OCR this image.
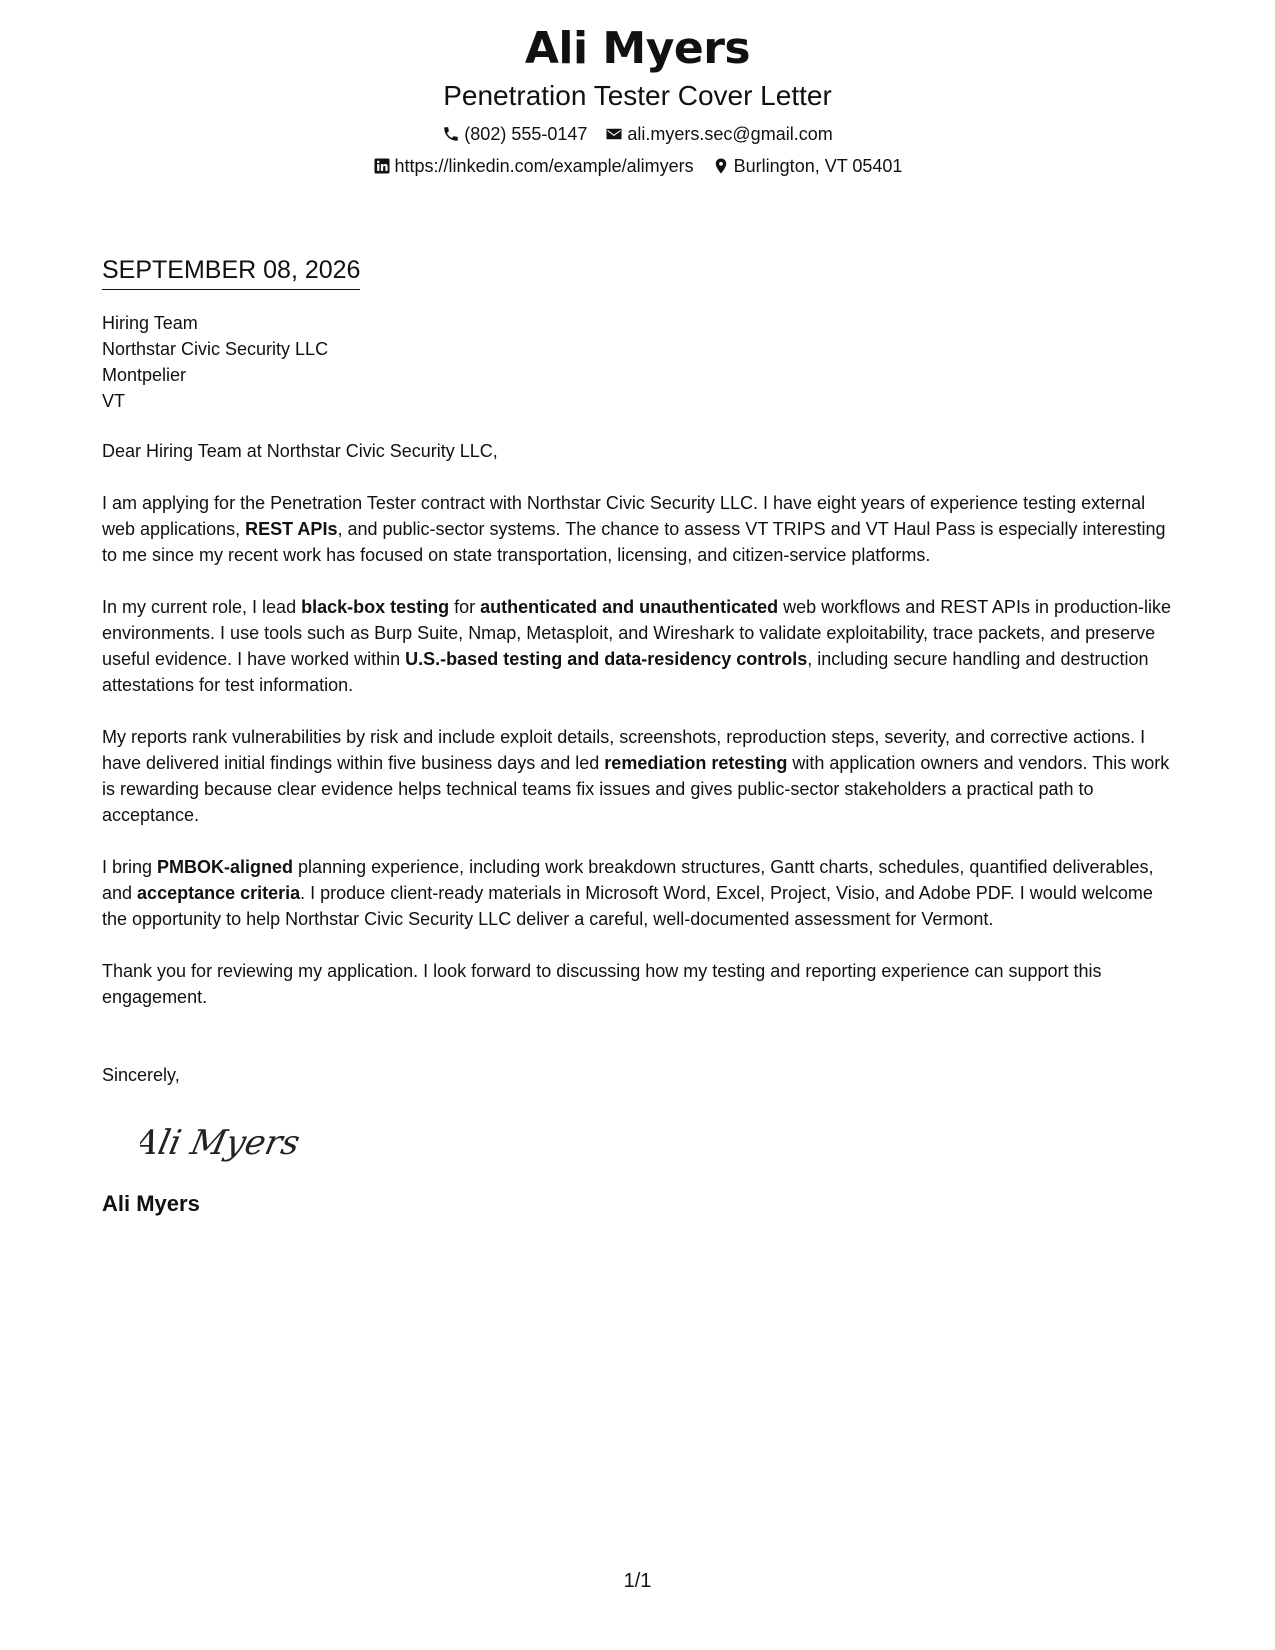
Ali Myers
Penetration Tester Cover Letter
(802) 555-0147 ali.myers.sec@gmail.com
https://linkedin.com/example/alimyers Burlington, VT 05401
SEPTEMBER 08, 2026

Hiring Team

Northstar Civic Security LLC

Montpelier

VT

Dear Hiring Team at Northstar Civic Security LLC,

I am applying for the Penetration Tester contract with Northstar Civic Security LLC. I have eight years of experience testing external web applications, REST APIs, and public-sector systems. The chance to assess VT TRIPS and VT Haul Pass is especially interesting to me since my recent work has focused on state transportation, licensing, and citizen-service platforms.

In my current role, I lead black-box testing for authenticated and unauthenticated web workflows and REST APIs in production-like environments. I use tools such as Burp Suite, Nmap, Metasploit, and Wireshark to validate exploitability, trace packets, and preserve useful evidence. I have worked within U.S.-based testing and data-residency controls, including secure handling and destruction attestations for test information.

My reports rank vulnerabilities by risk and include exploit details, screenshots, reproduction steps, severity, and corrective actions. I have delivered initial findings within five business days and led remediation retesting with application owners and vendors. This work is rewarding because clear evidence helps technical teams fix issues and gives public-sector stakeholders a practical path to acceptance.

I bring PMBOK-aligned planning experience, including work breakdown structures, Gantt charts, schedules, quantified deliverables, and acceptance criteria. I produce client-ready materials in Microsoft Word, Excel, Project, Visio, and Adobe PDF. I would welcome the opportunity to help Northstar Civic Security LLC deliver a careful, well-documented assessment for Vermont.

Thank you for reviewing my application. I look forward to discussing how my testing and reporting experience can support this engagement.

Sincerely,

Ali Myers
Ali Myers
1/1
